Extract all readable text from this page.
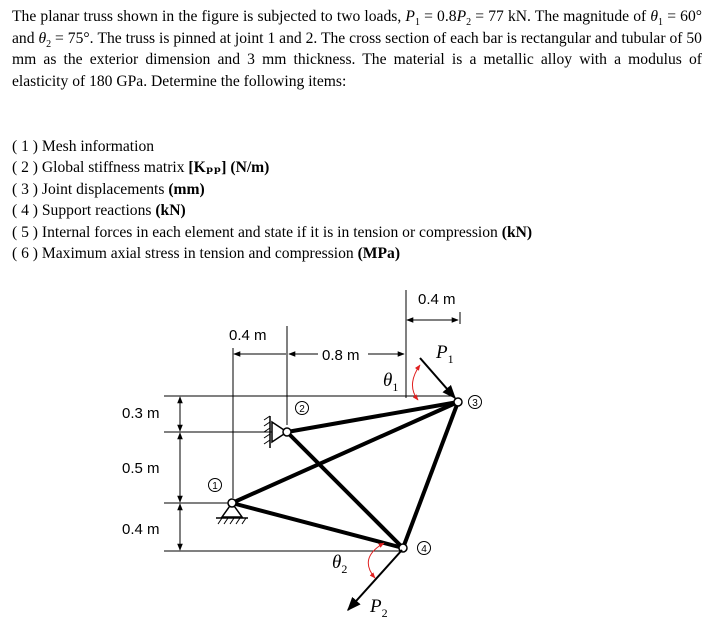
The planar truss shown in the figure is subjected to two loads, $P_1 = 0.8P_2 = 77$ kN. The magnitude of $\theta_1 = 60^\circ$ and $\theta_2 = 75^\circ$. The truss is pinned at joint 1 and 2. The cross section of each bar is rectangular and tubular of 50 mm as the exterior dimension and 3 mm thickness. The material is a metallic alloy with a modulus of elasticity of 180 GPa. Determine the following items:

( 1 ) Mesh information
( 2 ) Global stiffness matrix [Kₚₚ] (N/m)
( 3 ) Joint displacements (mm)
( 4 ) Support reactions (kN)
( 5 ) Internal forces in each element and state if it is in tension or compression (kN)
( 6 ) Maximum axial stress in tension and compression (MPa)
0.4 m
0.4 m
0.8 m
0.3 m
0.5 m
0.4 m
1
2
3
4
$P_1$
$\theta_1$
$P_2$
$\theta_2$
